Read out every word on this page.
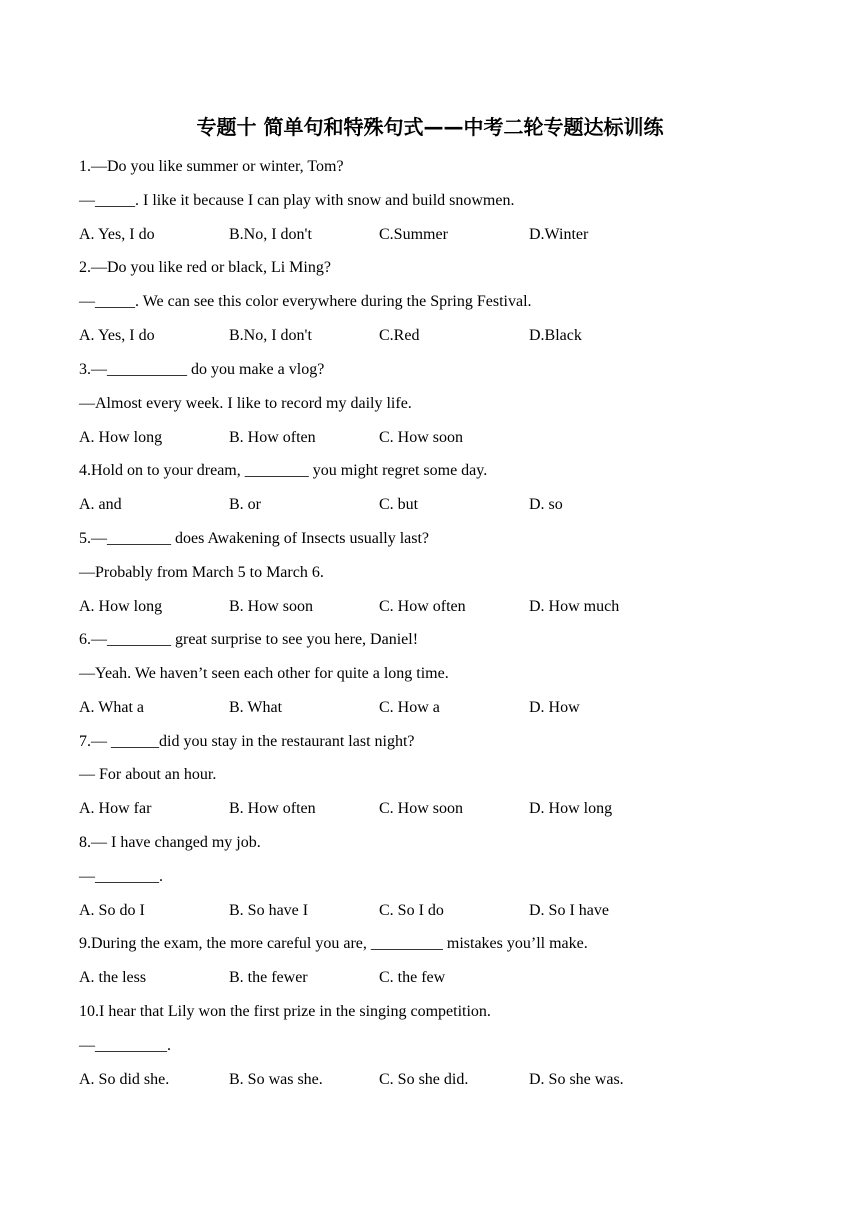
专题十 简单句和特殊句式——中考二轮专题达标训练
1.—Do you like summer or winter, Tom?
—_____. I like it because I can play with snow and build snowmen.
A. Yes, I do	B.No, I don't	C.Summer	D.Winter
2.—Do you like red or black, Li Ming?
—_____. We can see this color everywhere during the Spring Festival.
A. Yes, I do	B.No, I don't	C.Red	D.Black
3.—__________ do you make a vlog?
—Almost every week. I like to record my daily life.
A. How long	B. How often	C. How soon
4.Hold on to your dream, ________ you might regret some day.
A. and	B. or	C. but	D. so
5.—________ does Awakening of Insects usually last?
—Probably from March 5 to March 6.
A. How long	B. How soon	C. How often	D. How much
6.—________ great surprise to see you here, Daniel!
—Yeah. We haven’t seen each other for quite a long time.
A. What a	B. What	C. How a	D. How
7.— ______did you stay in the restaurant last night?
— For about an hour.
A. How far	B. How often	C. How soon	D. How long
8.— I have changed my job.
—________.
A. So do I	B. So have I	C. So I do	D. So I have
9.During the exam, the more careful you are, _________ mistakes you’ll make.
A. the less	B. the fewer	C. the few
10.I hear that Lily won the first prize in the singing competition.
—_________.
A. So did she.	B. So was she.	C. So she did.	D. So she was.
